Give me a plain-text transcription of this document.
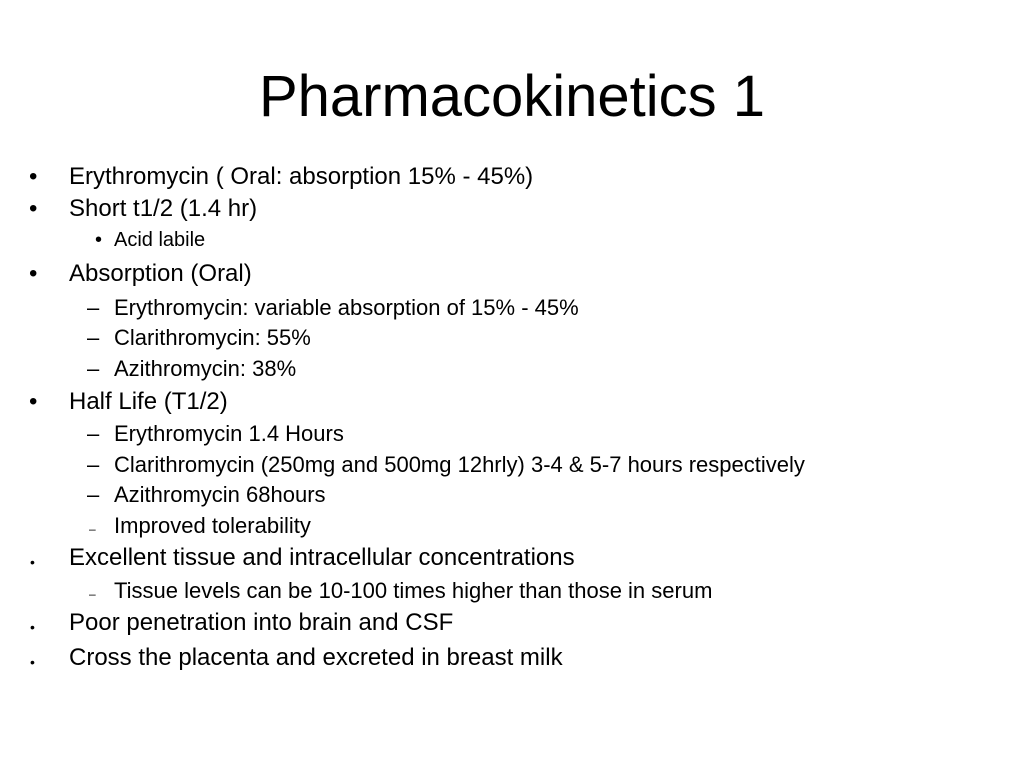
Pharmacokinetics 1
• Erythromycin ( Oral: absorption 15% - 45%)
• Short t1/2 (1.4 hr)
• Acid labile
• Absorption (Oral)
– Erythromycin: variable absorption of 15% - 45%
– Clarithromycin: 55%
– Azithromycin: 38%
• Half Life (T1/2)
– Erythromycin 1.4 Hours
– Clarithromycin (250mg and 500mg 12hrly) 3-4 & 5-7 hours respectively
– Azithromycin 68hours
– Improved tolerability
• Excellent tissue and intracellular concentrations
– Tissue levels can be 10-100 times higher than those in serum
• Poor penetration into brain and CSF
• Cross the placenta and excreted in breast milk
